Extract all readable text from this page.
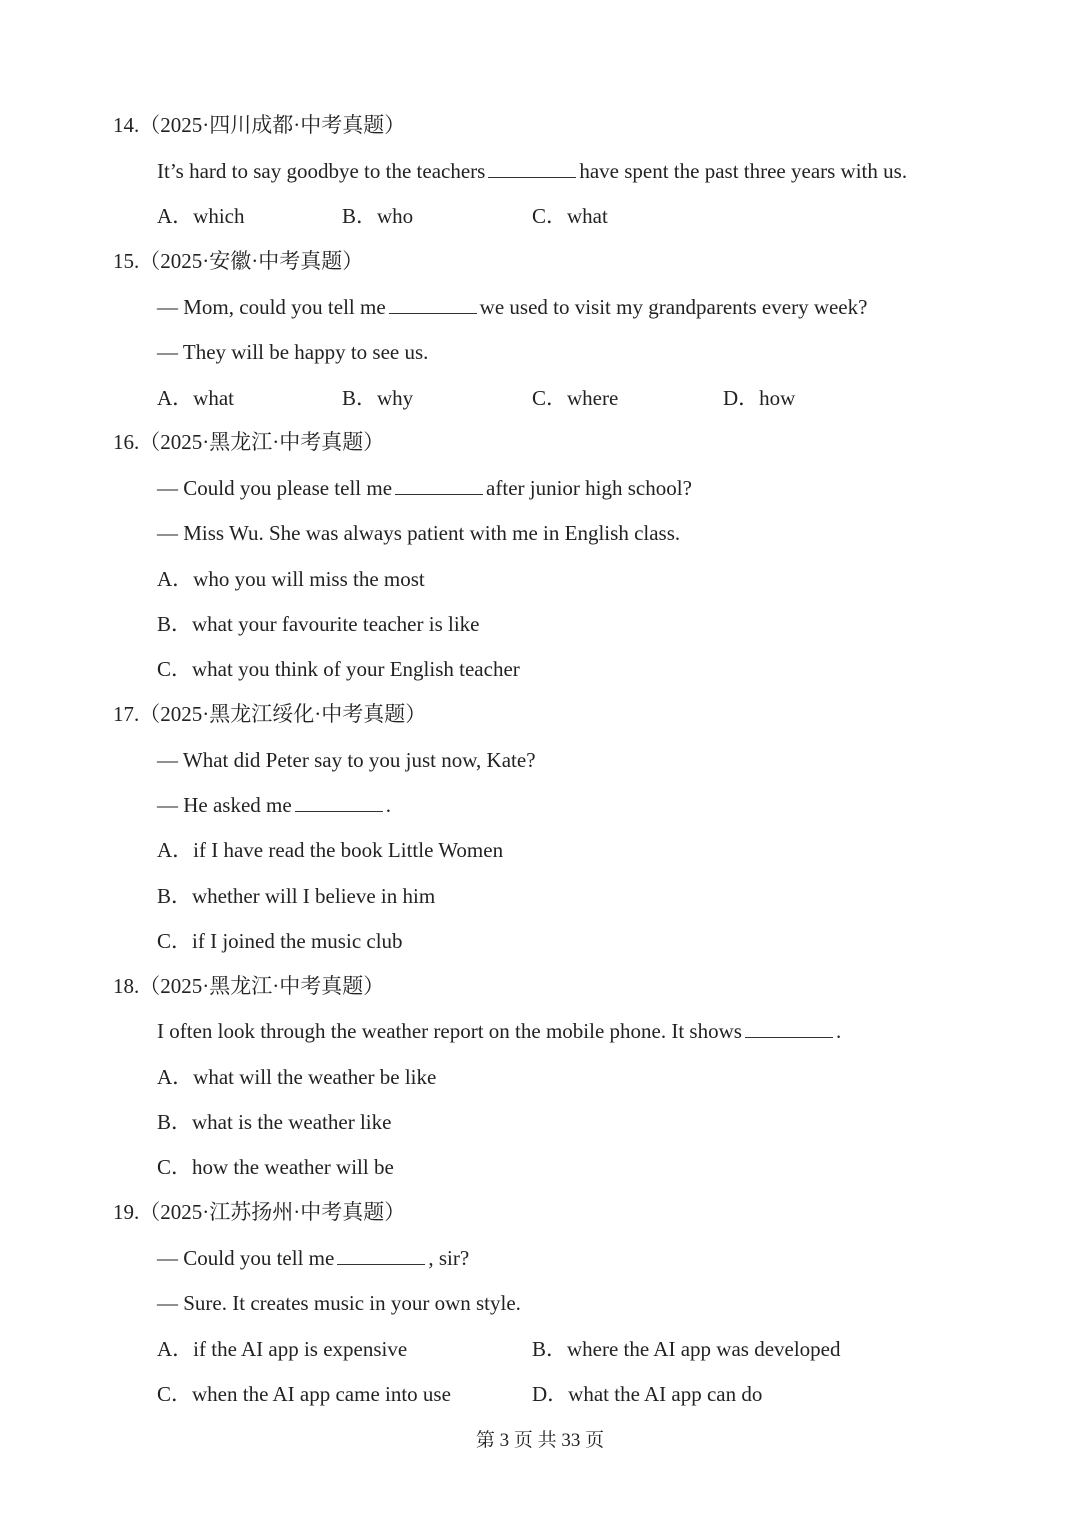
14.（2025·四川成都·中考真题）
It’s hard to say goodbye to the teachers	have spent the past three years with us.
A．which	B．who	C．what
15.（2025·安徽·中考真题）
— Mom, could you tell me	we used to visit my grandparents every week?
— They will be happy to see us.
A．what	B．why	C．where	D．how
16.（2025·黑龙江·中考真题）
— Could you please tell me	after junior high school?
— Miss Wu. She was always patient with me in English class.
A．who you will miss the most
B．what your favourite teacher is like
C．what you think of your English teacher
17.（2025·黑龙江绥化·中考真题）
— What did Peter say to you just now, Kate?
— He asked me	.
A．if I have read the book Little Women
B．whether will I believe in him
C．if I joined the music club
18.（2025·黑龙江·中考真题）
I often look through the weather report on the mobile phone. It shows	.
A．what will the weather be like
B．what is the weather like
C．how the weather will be
19.（2025·江苏扬州·中考真题）
— Could you tell me	, sir?
— Sure. It creates music in your own style.
A．if the AI app is expensive	B．where the AI app was developed
C．when the AI app came into use	D．what the AI app can do
第 3 页 共 33 页
